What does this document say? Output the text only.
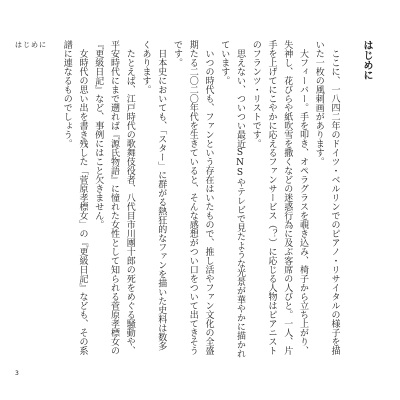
はじめに	はじめに

ここに、一八四二年のドイツ・ベルリンでのピアノ・リサイタルの様子を描いた一枚の風刺画があります。

大フィーバー。手を叩き、オペラグラスを覗き込み、椅子から立ち上がり、失神し、花びらや紙吹雪を撒くなどの迷惑行為に及ぶ客席の人びと。一人、片手を上げてにこやかに応えるファンサービス（？）に応じる人物はピアニストのフランツ・リストです。

思えない、ついつい最近SNSやテレビで見たような光景が華やかに描かれています。

いつの時代も、ファンという存在はいたもので、推し活やファン文化の全盛期たる二〇二〇年代を生きていると、そんな感想がつい口をついて出てきそうです。

日本史においても、「スター」に群がる熱狂的なファンを描いた史料は数多くあります。

たとえば、江戸時代の歌舞伎役者、八代目市川團十郎の死をめぐる騒動や、平安時代にまで遡れば『源氏物語』に憧れた女性として知られる菅原孝標女の『更級日記』など、事例にはこと欠きません。

女時代の思い出を書き残した「菅原孝標女」の『更級日記』なども、その系譜に連なるものでしょう。

3
